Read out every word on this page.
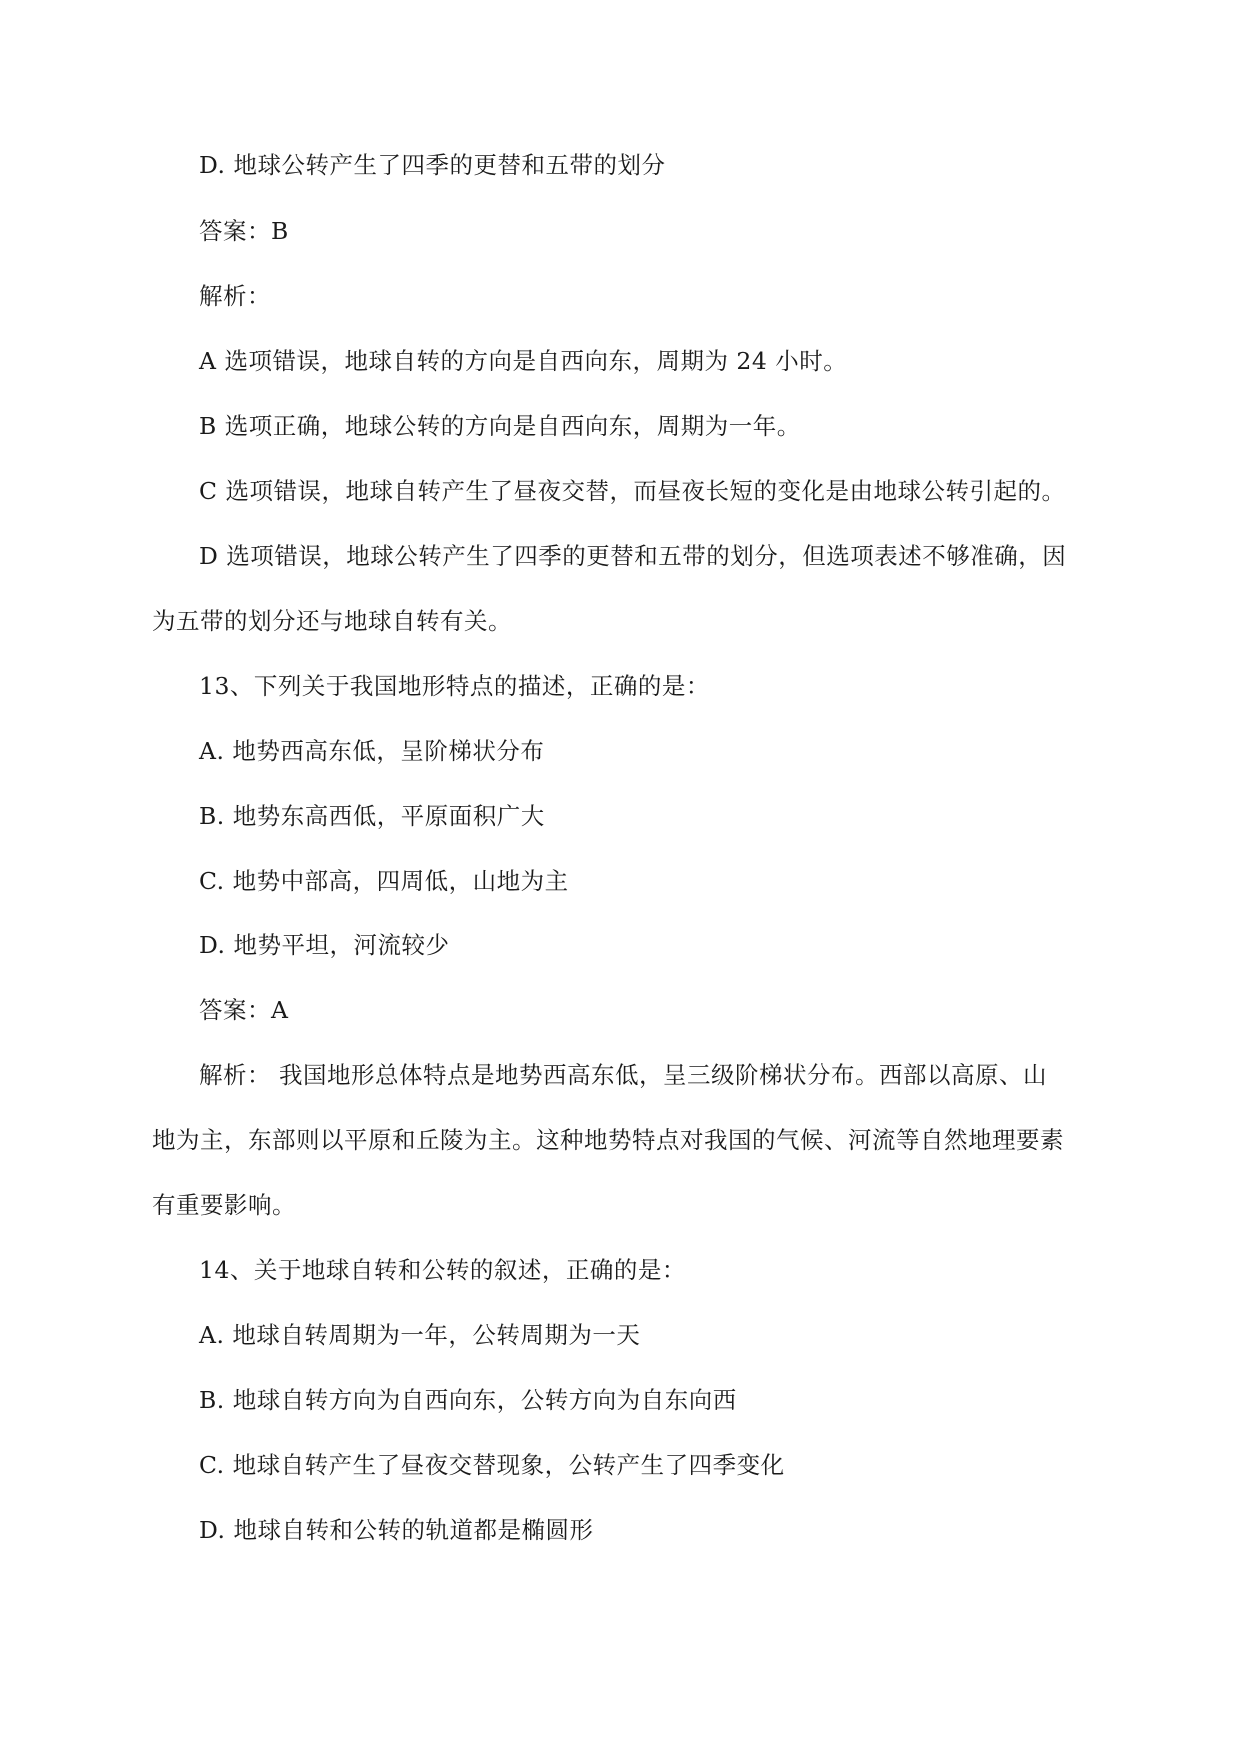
D. 地球公转产生了四季的更替和五带的划分
答案：B
解析：
A 选项错误，地球自转的方向是自西向东，周期为 24 小时。
B 选项正确，地球公转的方向是自西向东，周期为一年。
C 选项错误，地球自转产生了昼夜交替，而昼夜长短的变化是由地球公转引起的。
D 选项错误，地球公转产生了四季的更替和五带的划分，但选项表述不够准确，因
为五带的划分还与地球自转有关。
13、下列关于我国地形特点的描述，正确的是：
A. 地势西高东低，呈阶梯状分布
B. 地势东高西低，平原面积广大
C. 地势中部高，四周低，山地为主
D. 地势平坦，河流较少
答案：A
解析： 我国地形总体特点是地势西高东低，呈三级阶梯状分布。西部以高原、山
地为主，东部则以平原和丘陵为主。这种地势特点对我国的气候、河流等自然地理要素
有重要影响。
14、关于地球自转和公转的叙述，正确的是：
A. 地球自转周期为一年，公转周期为一天
B. 地球自转方向为自西向东，公转方向为自东向西
C. 地球自转产生了昼夜交替现象，公转产生了四季变化
D. 地球自转和公转的轨道都是椭圆形
